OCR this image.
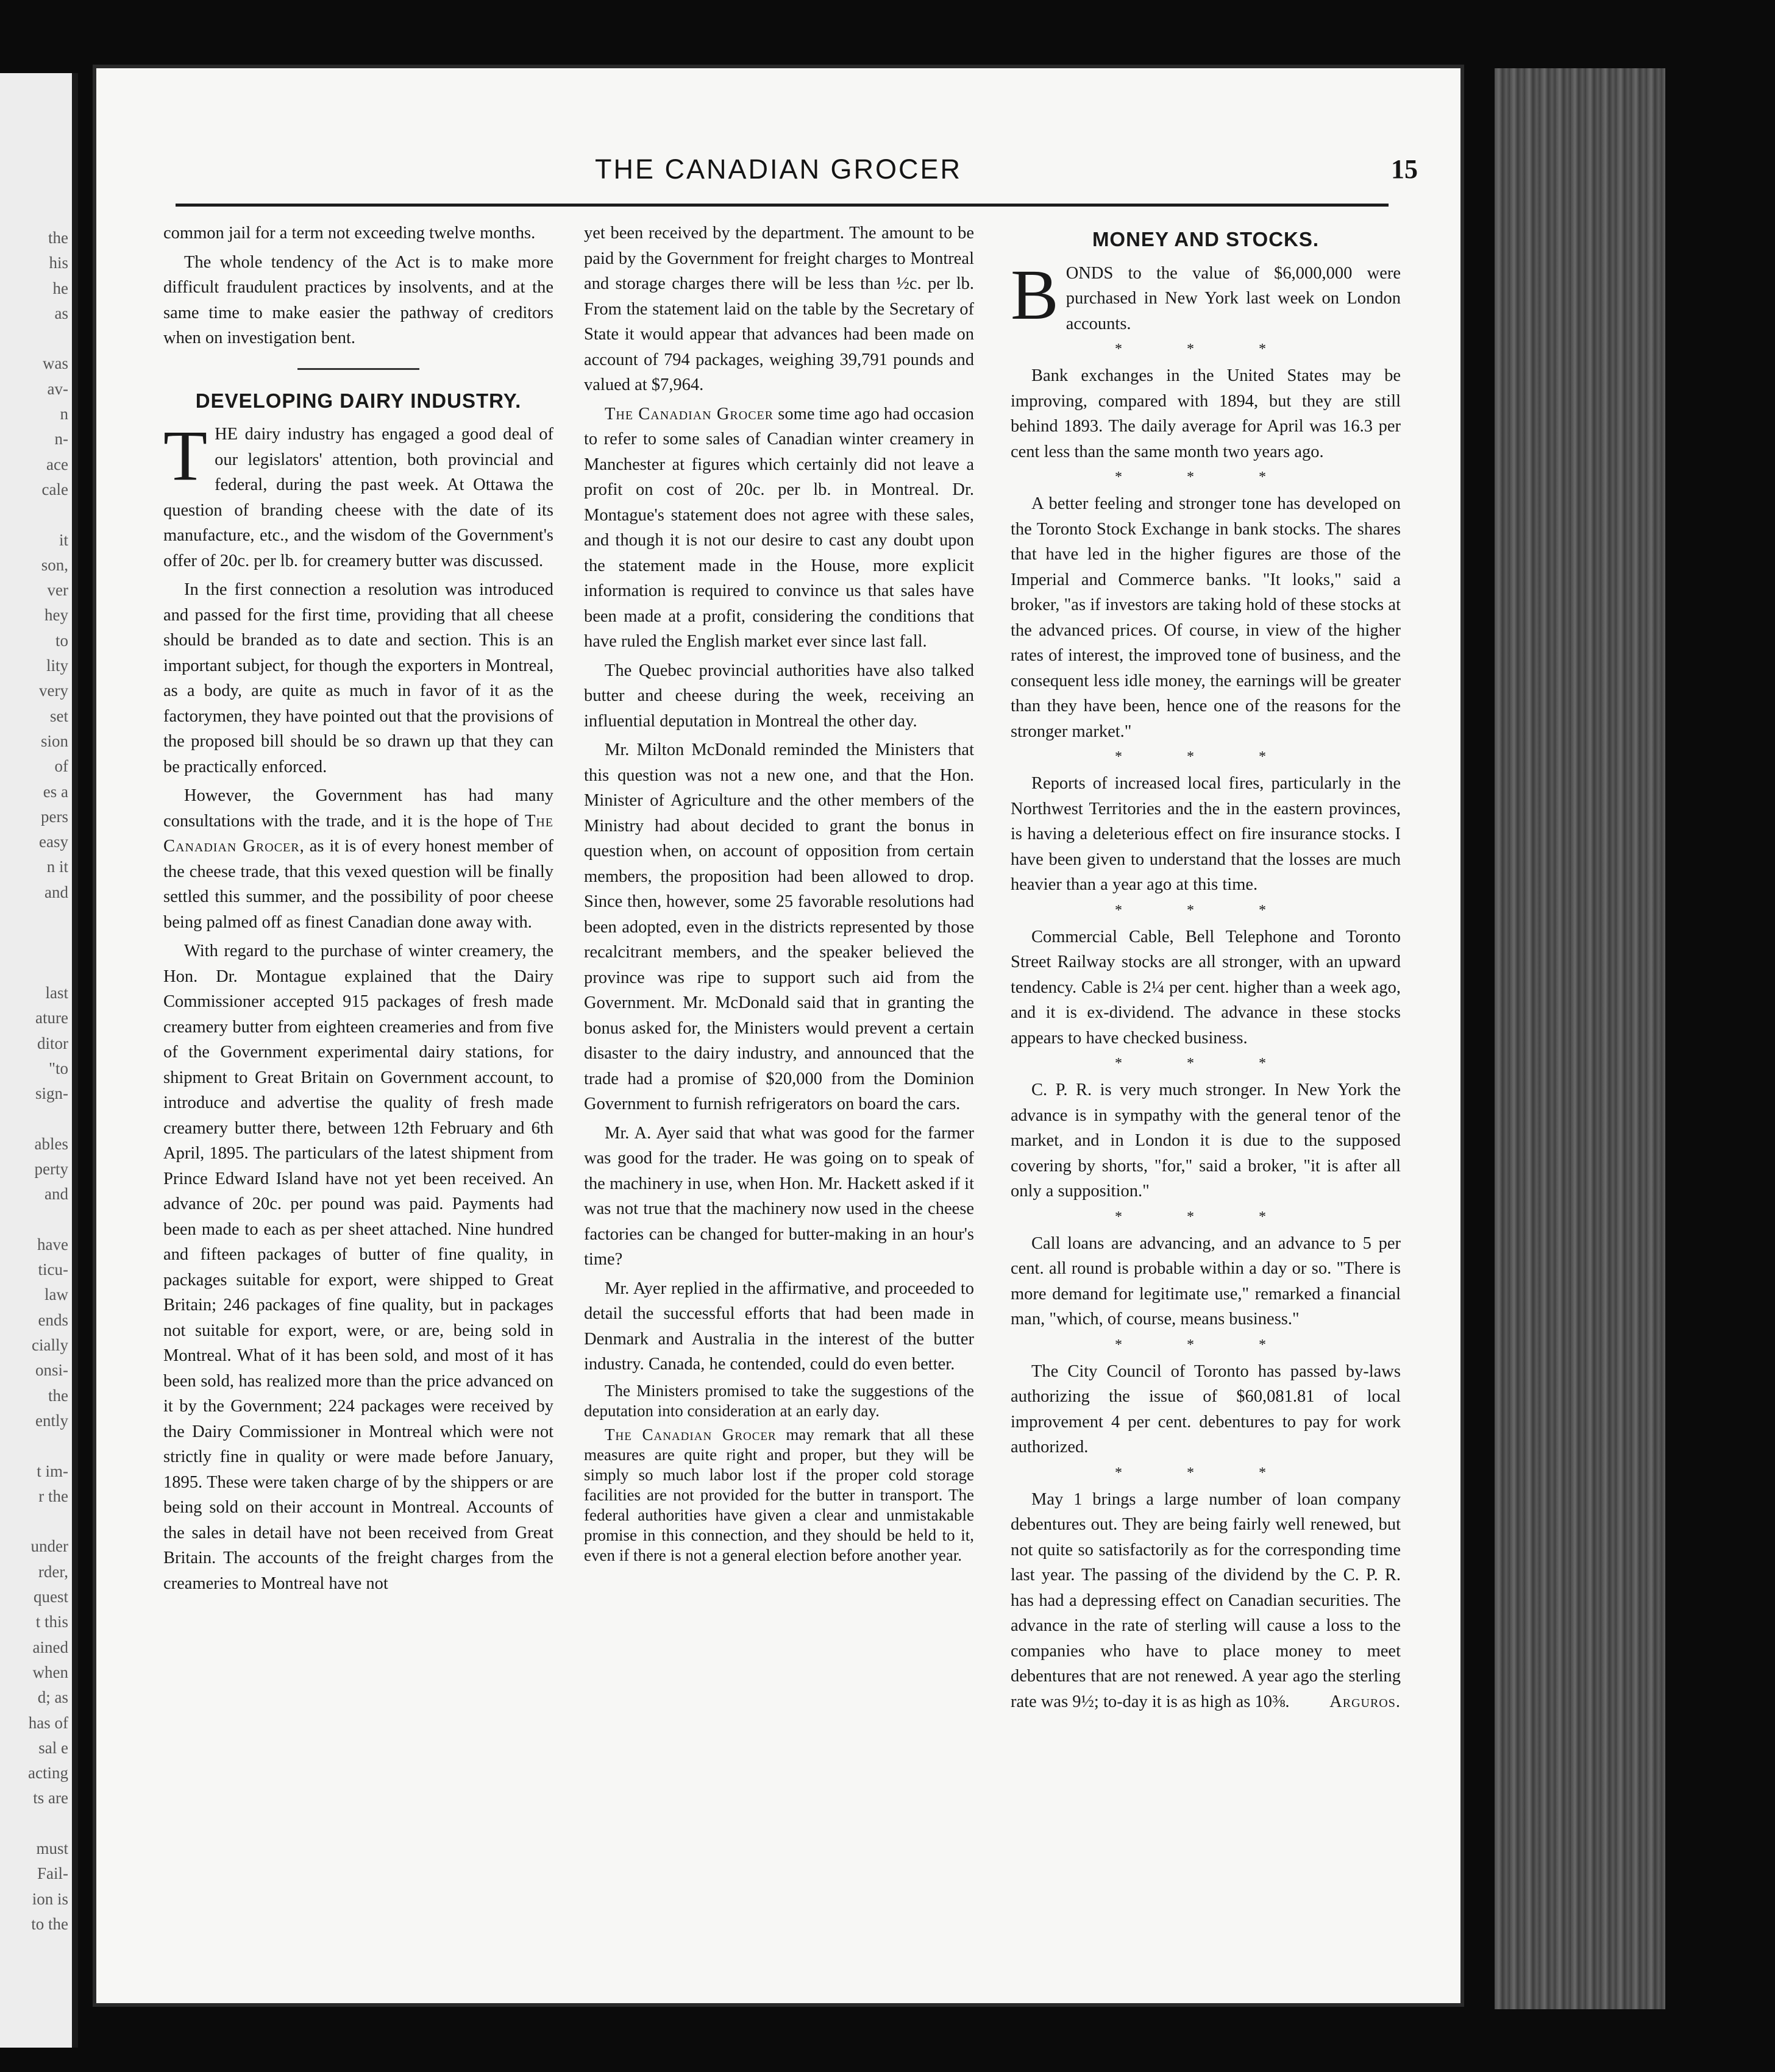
the
his
he
as

was
av-
n
n-
ace
cale

it
son,
ver
hey
to
lity
very
set
sion
of
es a
pers
easy
n it
and

last
ature
ditor
"to
sign-

ables
perty
and

have
ticu-
law
ends
cially
onsi-
the
ently

t im-
r the

under
rder,
quest
t this
ained
when
d; as
has of
sal e
acting
ts are

must
Fail-
ion is
to the
THE CANADIAN GROCER	15

common jail for a term not exceeding twelve months.

The whole tendency of the Act is to make more difficult fraudulent practices by insolvents, and at the same time to make easier the pathway of creditors when on investigation bent.

DEVELOPING DAIRY INDUSTRY.

THE dairy industry has engaged a good deal of our legislators' attention, both provincial and federal, during the past week. At Ottawa the question of branding cheese with the date of its manufacture, etc., and the wisdom of the Government's offer of 20c. per lb. for creamery butter was discussed.

In the first connection a resolution was introduced and passed for the first time, providing that all cheese should be branded as to date and section. This is an important subject, for though the exporters in Montreal, as a body, are quite as much in favor of it as the factorymen, they have pointed out that the provisions of the proposed bill should be so drawn up that they can be practically enforced.

However, the Government has had many consultations with the trade, and it is the hope of The Canadian Grocer, as it is of every honest member of the cheese trade, that this vexed question will be finally settled this summer, and the possibility of poor cheese being palmed off as finest Canadian done away with.

With regard to the purchase of winter creamery, the Hon. Dr. Montague explained that the Dairy Commissioner accepted 915 packages of fresh made creamery butter from eighteen creameries and from five of the Government experimental dairy stations, for shipment to Great Britain on Government account, to introduce and advertise the quality of fresh made creamery butter there, between 12th February and 6th April, 1895. The particulars of the latest shipment from Prince Edward Island have not yet been received. An advance of 20c. per pound was paid. Payments had been made to each as per sheet attached. Nine hundred and fifteen packages of butter of fine quality, in packages suitable for export, were shipped to Great Britain; 246 packages of fine quality, but in packages not suitable for export, were, or are, being sold in Montreal. What of it has been sold, and most of it has been sold, has realized more than the price advanced on it by the Government; 224 packages were received by the Dairy Commissioner in Montreal which were not strictly fine in quality or were made before January, 1895. These were taken charge of by the shippers or are being sold on their account in Montreal. Accounts of the sales in detail have not been received from Great Britain. The accounts of the freight charges from the creameries to Montreal have not

yet been received by the department. The amount to be paid by the Government for freight charges to Montreal and storage charges there will be less than ½c. per lb. From the statement laid on the table by the Secretary of State it would appear that advances had been made on account of 794 packages, weighing 39,791 pounds and valued at $7,964.

The Canadian Grocer some time ago had occasion to refer to some sales of Canadian winter creamery in Manchester at figures which certainly did not leave a profit on cost of 20c. per lb. in Montreal. Dr. Montague's statement does not agree with these sales, and though it is not our desire to cast any doubt upon the statement made in the House, more explicit information is required to convince us that sales have been made at a profit, considering the conditions that have ruled the English market ever since last fall.

The Quebec provincial authorities have also talked butter and cheese during the week, receiving an influential deputation in Montreal the other day.

Mr. Milton McDonald reminded the Ministers that this question was not a new one, and that the Hon. Minister of Agriculture and the other members of the Ministry had about decided to grant the bonus in question when, on account of opposition from certain members, the proposition had been allowed to drop. Since then, however, some 25 favorable resolutions had been adopted, even in the districts represented by those recalcitrant members, and the speaker believed the province was ripe to support such aid from the Government. Mr. McDonald said that in granting the bonus asked for, the Ministers would prevent a certain disaster to the dairy industry, and announced that the trade had a promise of $20,000 from the Dominion Government to furnish refrigerators on board the cars.

Mr. A. Ayer said that what was good for the farmer was good for the trader. He was going on to speak of the machinery in use, when Hon. Mr. Hackett asked if it was not true that the machinery now used in the cheese factories can be changed for butter-making in an hour's time?

Mr. Ayer replied in the affirmative, and proceeded to detail the successful efforts that had been made in Denmark and Australia in the interest of the butter industry. Canada, he contended, could do even better.

The Ministers promised to take the suggestions of the deputation into consideration at an early day.

The Canadian Grocer may remark that all these measures are quite right and proper, but they will be simply so much labor lost if the proper cold storage facilities are not provided for the butter in transport. The federal authorities have given a clear and unmistakable promise in this connection, and they should be held to it, even if there is not a general election before another year.

MONEY AND STOCKS.

BONDS to the value of $6,000,000 were purchased in New York last week on London accounts.

* * *

Bank exchanges in the United States may be improving, compared with 1894, but they are still behind 1893. The daily average for April was 16.3 per cent less than the same month two years ago.

* * *

A better feeling and stronger tone has developed on the Toronto Stock Exchange in bank stocks. The shares that have led in the higher figures are those of the Imperial and Commerce banks. "It looks," said a broker, "as if investors are taking hold of these stocks at the advanced prices. Of course, in view of the higher rates of interest, the improved tone of business, and the consequent less idle money, the earnings will be greater than they have been, hence one of the reasons for the stronger market."

* * *

Reports of increased local fires, particularly in the Northwest Territories and the in the eastern provinces, is having a deleterious effect on fire insurance stocks. I have been given to understand that the losses are much heavier than a year ago at this time.

* * *

Commercial Cable, Bell Telephone and Toronto Street Railway stocks are all stronger, with an upward tendency. Cable is 2¼ per cent. higher than a week ago, and it is ex-dividend. The advance in these stocks appears to have checked business.

* * *

C. P. R. is very much stronger. In New York the advance is in sympathy with the general tenor of the market, and in London it is due to the supposed covering by shorts, "for," said a broker, "it is after all only a supposition."

* * *

Call loans are advancing, and an advance to 5 per cent. all round is probable within a day or so. "There is more demand for legitimate use," remarked a financial man, "which, of course, means business."

* * *

The City Council of Toronto has passed by-laws authorizing the issue of $60,081.81 of local improvement 4 per cent. debentures to pay for work authorized.

* * *

May 1 brings a large number of loan company debentures out. They are being fairly well renewed, but not quite so satisfactorily as for the corresponding time last year. The passing of the dividend by the C. P. R. has had a depressing effect on Canadian securities. The advance in the rate of sterling will cause a loss to the companies who have to place money to meet debentures that are not renewed. A year ago the sterling rate was 9½; to-day it is as high as 10⅜.	Arguros.
